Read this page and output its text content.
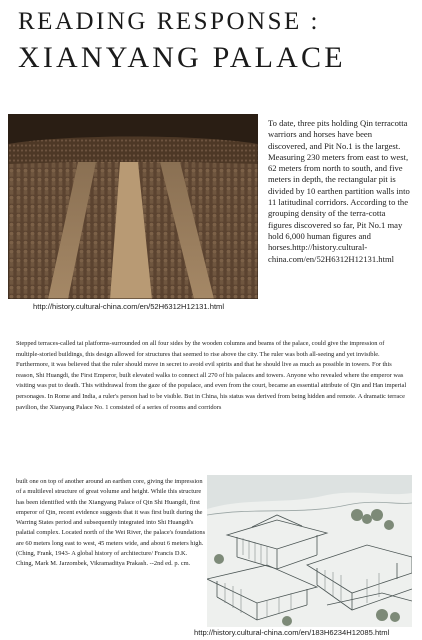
READING RESPONSE :
XIANYANG PALACE
http://history.cultural-china.com/en/52H6312H12131.html
To date, three pits holding Qin terracotta warriors and horses have been discovered, and Pit No.1 is the largest. Measuring 230 meters from east to west, 62 meters from north to south, and five meters in depth, the rectangular pit is divided by 10 earthen partition walls into 11 latitudinal corridors. According to the grouping density of the terra-cotta figures discovered so far, Pit No.1 may hold 6,000 human figures and horses.http://history.cultural-china.com/en/52H6312H12131.html
Stepped terraces-called tai platforms-surrounded on all four sides by the wooden columns and beams of the palace, could give the impression of multiple-storied buildings, this design allowed for structures that seemed to rise above the city. The ruler was both all-seeing and yet invisible. Furthermore, it was believed that the ruler should move in secret to avoid evil spirits and that he should live as much as possible in towers. For this reason, Shi Huangdi, the First Emperor, built elevated walks to connect all 270 of his palaces and towers. Anyone who revealed where the emperor was visiting was put to death. This withdrawal from the gaze of the populace, and even from the court, became an essential attribute of Qin and Han imperial personages. In Rome and India, a ruler's person had to be visible. But in China, his status was derived from being hidden and remote. A dramatic terrace pavilion, the Xianyang Palace No. 1 consisted of a series of rooms and corridors
built one on top of another around an earthen core, giving the impression of a multilevel structure of great volume and height. While this structure has been identified with the Xiangyang Palace of Qin Shi Huangdi, first emperor of Qin, recent evidence suggests that it was first built during the Warring States period and subsequently integrated into Shi Huangdi's palatial complex. Located north of the Wei River, the palace's foundations are 60 meters long east to west, 45 meters wide, and about 6 meters high. (Ching, Frank, 1943- A global history of architecture/ Francis D.K. Ching, Mark M. Jarzombek, Vikramaditya Prakash. --2nd ed. p. cm.
http://history.cultural-china.com/en/183H6234H12085.html
